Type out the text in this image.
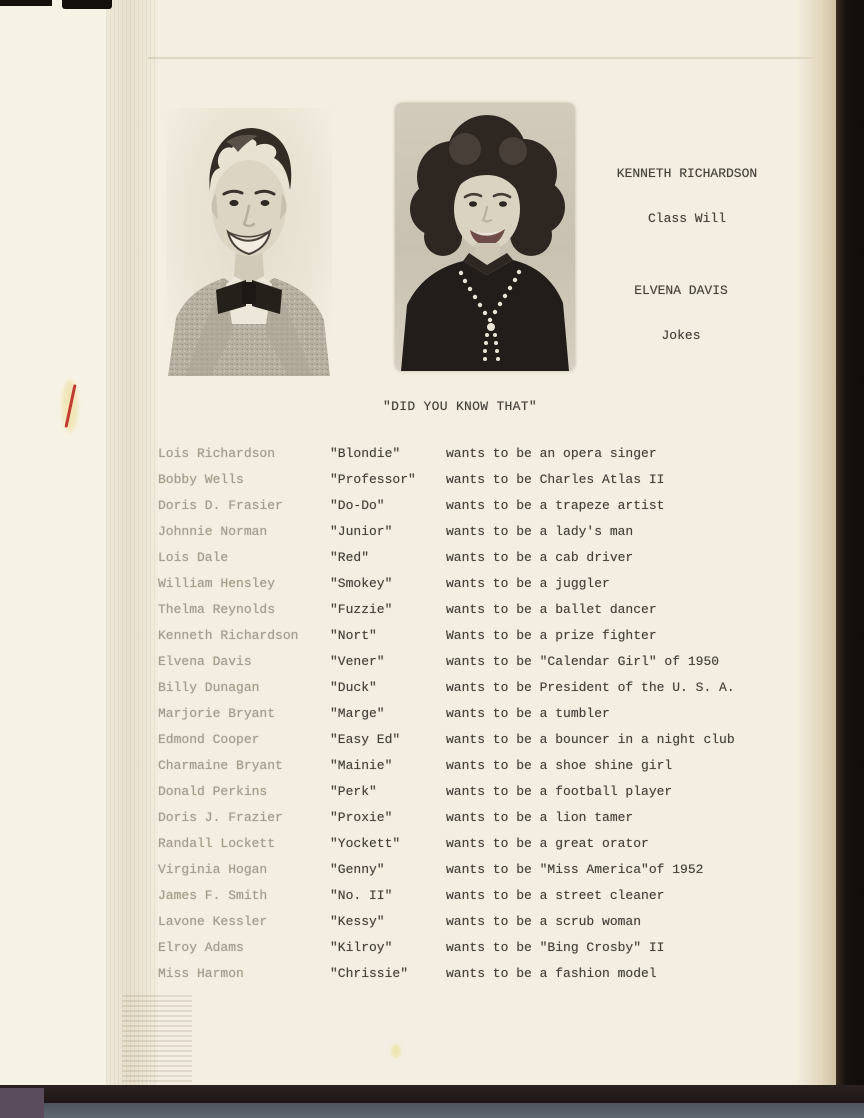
KENNETH RICHARDSON

Class Will

ELVENA DAVIS

Jokes

"DID YOU KNOW THAT"
Lois Richardson	"Blondie"	wants to be an opera singer
Bobby Wells	"Professor" wants to be Charles Atlas II
Doris D. Frasier	"Do-Do"	wants to be a trapeze artist
Johnnie Norman	"Junior"	wants to be a lady's man
Lois Dale	"Red"	wants to be a cab driver
William Hensley	"Smokey"	wants to be a juggler
Thelma Reynolds	"Fuzzie"	wants to be a ballet dancer
Kenneth Richardson "Nort"	Wants to be a prize fighter
Elvena Davis	"Vener"	wants to be "Calendar Girl" of 1950
Billy Dunagan	"Duck"	wants to be President of the U. S. A.
Marjorie Bryant	"Marge"	wants to be a tumbler
Edmond Cooper	"Easy Ed"	wants to be a bouncer in a night club
Charmaine Bryant	"Mainie"	wants to be a shoe shine girl
Donald Perkins	"Perk"	wants to be a football player
Doris J. Frazier	"Proxie"	wants to be a lion tamer
Randall Lockett	"Yockett"	wants to be a great orator
Virginia Hogan	"Genny"	wants to be "Miss America"of 1952
James F. Smith	"No. II"	wants to be a street cleaner
Lavone Kessler	"Kessy"	wants to be a scrub woman
Elroy Adams	"Kilroy"	wants to be "Bing Crosby" II
Miss Harmon	"Chrissie"	wants to be a fashion model
